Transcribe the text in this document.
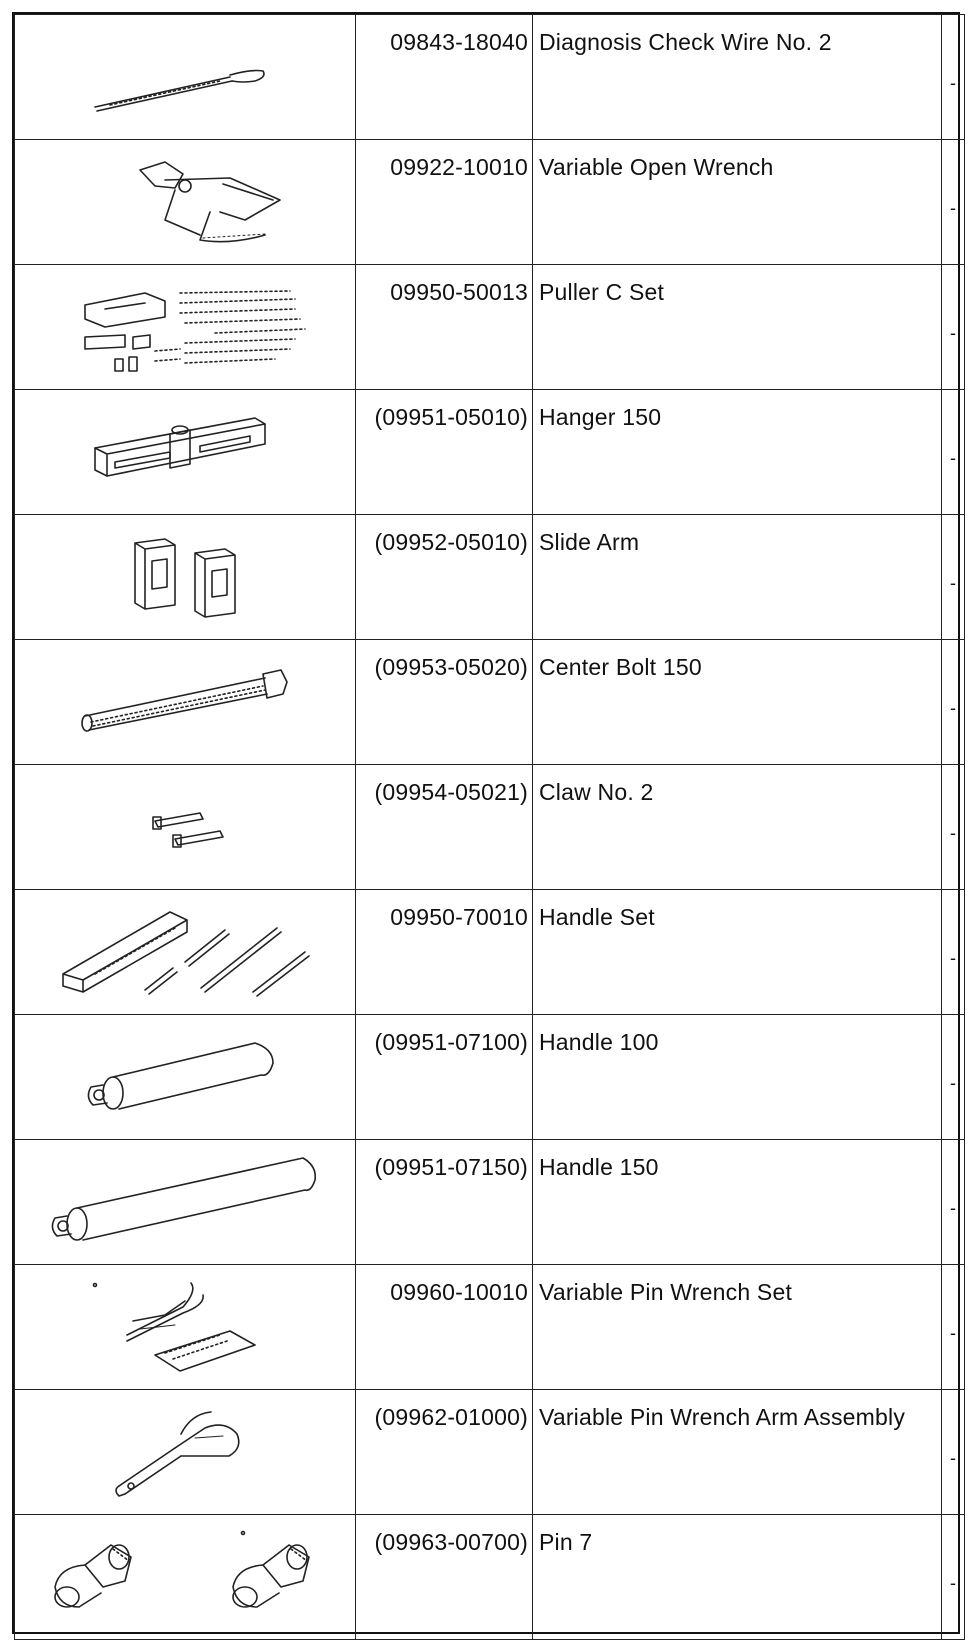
09843-18040	Diagnosis Check Wire No. 2	-

09922-10010	Variable Open Wrench	-

09950-50013	Puller C Set	-

(09951-05010)	Hanger 150	-

(09952-05010)	Slide Arm	-

(09953-05020)	Center Bolt 150	-

(09954-05021)	Claw No. 2	-

09950-70010	Handle Set	-

(09951-07100)	Handle 100	-

(09951-07150)	Handle 150	-

09960-10010	Variable Pin Wrench Set	-

(09962-01000)	Variable Pin Wrench Arm Assembly	-

(09963-00700)	Pin 7	-
